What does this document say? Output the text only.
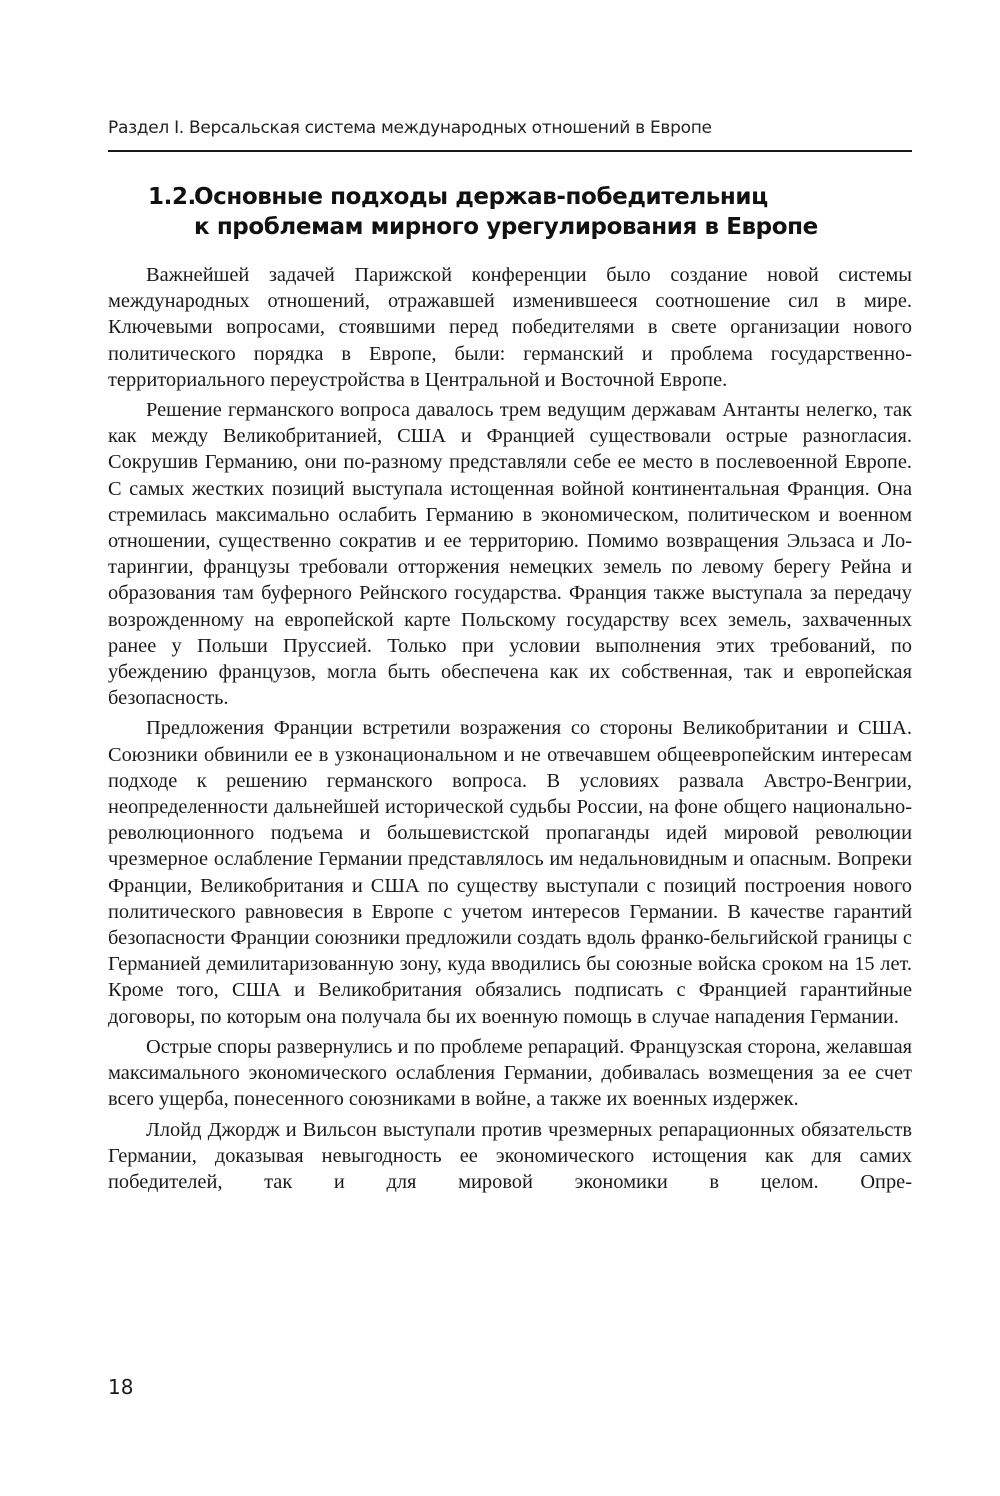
Раздел I. Версальская система международных отношений в Европе
1.2.Основные подходы держав-победительниц
к проблемам мирного урегулирования в Европе

Важнейшей задачей Парижской конференции было создание новой системы международных отношений, отражавшей изменившееся соотношение сил в мире. Ключевыми вопросами, стоявшими перед победителями в свете организации нового политического порядка в Европе, были: германский и проблема государственно-территориального переустройства в Центральной и Восточной Европе.

Решение германского вопроса давалось трем ведущим державам Антанты нелегко, так как между Великобританией, США и Францией существовали острые разногласия. Сокрушив Германию, они по-разному представляли себе ее место в послевоенной Европе. С самых жестких позиций выступала истощенная войной континентальная Франция. Она стремилась максимально ослабить Германию в экономическом, политическом и военном отношении, существенно сократив и ее территорию. Помимо возвращения Эльзаса и Лотарингии, французы требовали отторжения немецких земель по левому берегу Рейна и образования там буферного Рейнского государства. Франция также выступала за передачу возрожденному на европейской карте Польскому государству всех земель, захваченных ранее у Польши Пруссией. Только при условии выполнения этих требований, по убеждению французов, могла быть обеспечена как их собственная, так и европейская безопасность.

Предложения Франции встретили возражения со стороны Великобритании и США. Союзники обвинили ее в узконациональном и не отвечавшем общеевропейским интересам подходе к решению германского вопроса. В условиях развала Австро-Венгрии, неопределенности дальнейшей исторической судьбы России, на фоне общего национально-революционного подъема и большевистской пропаганды идей мировой революции чрезмерное ослабление Германии представлялось им недальновидным и опасным. Вопреки Франции, Великобритания и США по существу выступали с позиций построения нового политического равновесия в Европе с учетом интересов Германии. В качестве гарантий безопасности Франции союзники предложили создать вдоль франко-бельгийской границы с Германией демилитаризованную зону, куда вводились бы союзные войска сроком на 15 лет. Кроме того, США и Великобритания обязались подписать с Францией гарантийные договоры, по которым она получала бы их военную помощь в случае нападения Германии.

Острые споры развернулись и по проблеме репараций. Французская сторона, желавшая максимального экономического ослабления Германии, добивалась возмещения за ее счет всего ущерба, понесенного союзниками в войне, а также их военных издержек.

Ллойд Джордж и Вильсон выступали против чрезмерных репарационных обязательств Германии, доказывая невыгодность ее экономического истощения как для самих победителей, так и для мировой экономики в целом. Опре-

18
